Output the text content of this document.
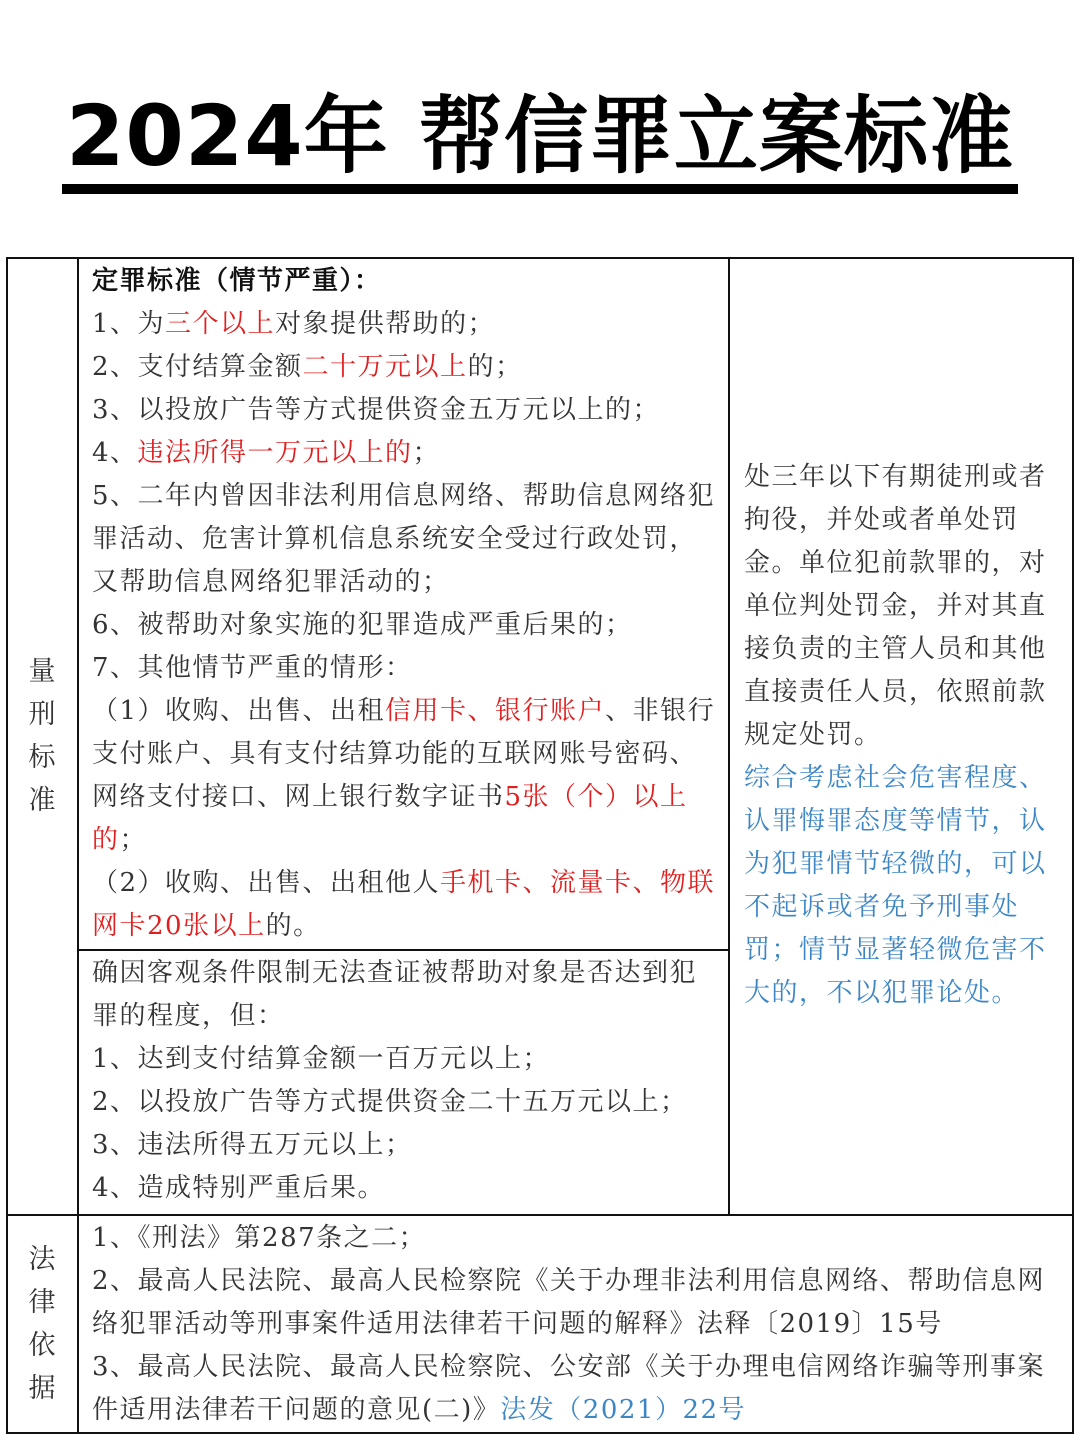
2024年 帮信罪立案标准
量
刑
标
准

定罪标准（情节严重）：

1、为三个以上对象提供帮助的；

2、支付结算金额二十万元以上的；

3、以投放广告等方式提供资金五万元以上的；

4、违法所得一万元以上的；

5、二年内曾因非法利用信息网络、帮助信息网络犯罪活动、危害计算机信息系统安全受过行政处罚，又帮助信息网络犯罪活动的；

6、被帮助对象实施的犯罪造成严重后果的；

7、其他情节严重的情形：

（1）收购、出售、出租信用卡、银行账户、非银行支付账户、具有支付结算功能的互联网账号密码、网络支付接口、网上银行数字证书5张（个）以上的；

（2）收购、出售、出租他人手机卡、流量卡、物联网卡20张以上的。

确因客观条件限制无法查证被帮助对象是否达到犯罪的程度，但：

1、达到支付结算金额一百万元以上；

2、以投放广告等方式提供资金二十五万元以上；

3、违法所得五万元以上；

4、造成特别严重后果。

处三年以下有期徒刑或者拘役，并处或者单处罚金。单位犯前款罪的，对单位判处罚金，并对其直接负责的主管人员和其他直接责任人员，依照前款规定处罚。

综合考虑社会危害程度、认罪悔罪态度等情节，认为犯罪情节轻微的，可以不起诉或者免予刑事处罚；情节显著轻微危害不大的，不以犯罪论处。

法
律
依
据

1、《刑法》第287条之二；

2、最高人民法院、最高人民检察院《关于办理非法利用信息网络、帮助信息网络犯罪活动等刑事案件适用法律若干问题的解释》法释〔2019〕15号

3、最高人民法院、最高人民检察院、公安部《关于办理电信网络诈骗等刑事案件适用法律若干问题的意见(二)》法发（2021）22号
